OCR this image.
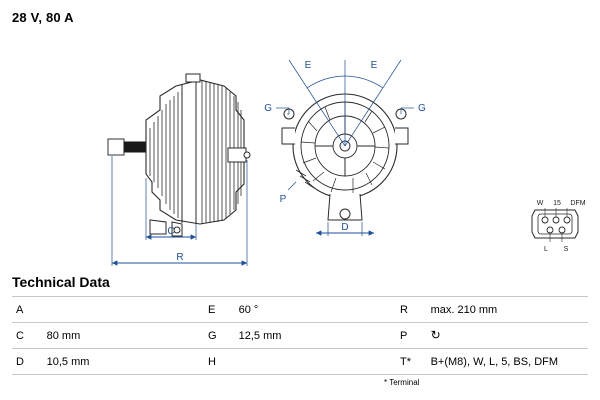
28 V, 80 A
C
R
E	E
G	G
P
D
W 15 DFM
L S
Technical Data
A		E	60 °	R	max. 210 mm
C	80 mm	G	12,5 mm	P	↻
D	10,5 mm	H		T*	B+(M8), W, L, 5, BS, DFM
* Terminal
